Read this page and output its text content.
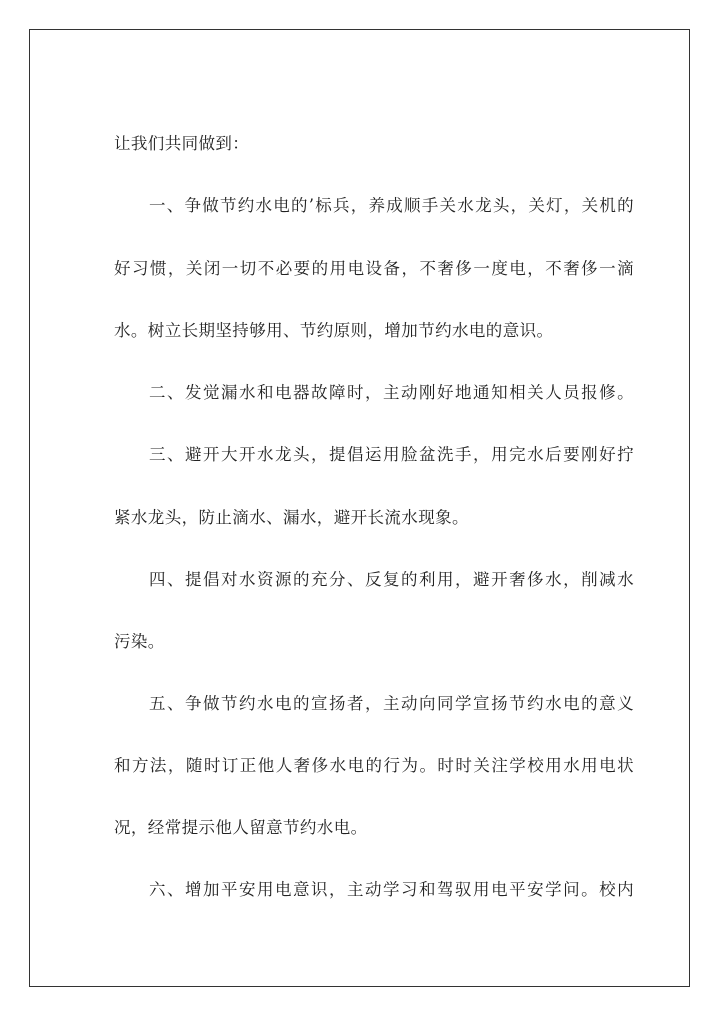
让我们共同做到：
一、争做节约水电的’标兵，养成顺手关水龙头，关灯，关机的
好习惯，关闭一切不必要的用电设备，不奢侈一度电，不奢侈一滴
水。树立长期坚持够用、节约原则，增加节约水电的意识。
二、发觉漏水和电器故障时，主动刚好地通知相关人员报修。
三、避开大开水龙头，提倡运用脸盆洗手，用完水后要刚好拧
紧水龙头，防止滴水、漏水，避开长流水现象。
四、提倡对水资源的充分、反复的利用，避开奢侈水，削减水
污染。
五、争做节约水电的宣扬者，主动向同学宣扬节约水电的意义
和方法，随时订正他人奢侈水电的行为。时时关注学校用水用电状
况，经常提示他人留意节约水电。
六、增加平安用电意识，主动学习和驾驭用电平安学问。校内
